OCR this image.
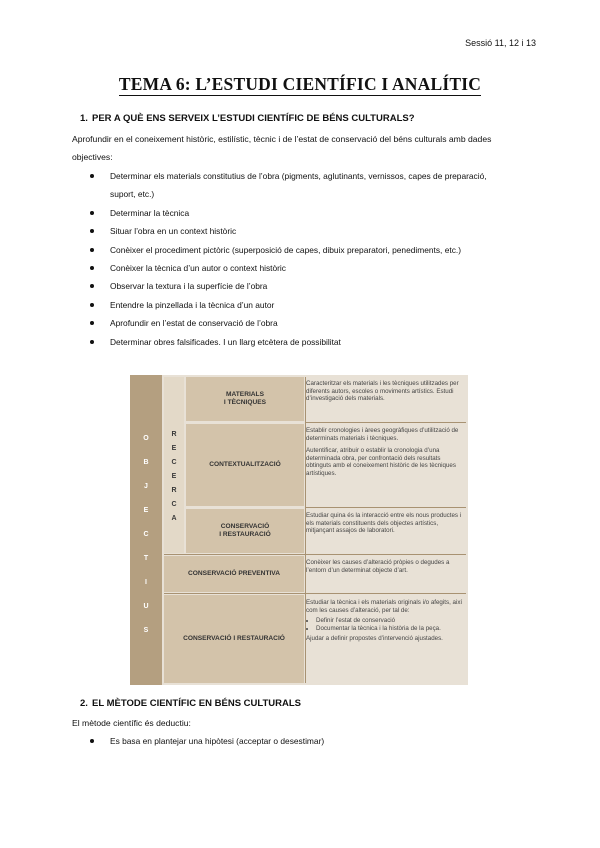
Sessió 11, 12 i 13
TEMA 6: L’ESTUDI CIENTÍFIC I ANALÍTIC
1. PER A QUÈ ENS SERVEIX L’ESTUDI CIENTÍFIC DE BÉNS CULTURALS?
Aprofundir en el coneixement històric, estilístic, tècnic i de l’estat de conservació del béns culturals amb dades
objectives:
Determinar els materials constitutius de l’obra (pigments, aglutinants, vernissos, capes de preparació,
suport, etc.)
Determinar la tècnica
Situar l’obra en un context històric
Conèixer el procediment pictòric (superposició de capes, dibuix preparatori, penediments, etc.)
Conèixer la tècnica d’un autor o context històric
Observar la textura i la superfície de l’obra
Entendre la pinzellada i la tècnica d’un autor
Aprofundir en l’estat de conservació de l’obra
Determinar obres falsificades. I un llarg etcètera de possibilitat
O
B
J
E
C
T
I
U
S
R
E
C
E
R
C
A
MATERIALS
I TÈCNIQUES
CONTEXTUALITZACIÓ
CONSERVACIÓ
I RESTAURACIÓ
CONSERVACIÓ PREVENTIVA
CONSERVACIÓ I RESTAURACIÓ

Caracteritzar els materials i les tècniques utilitzades per diferents autors, escoles o moviments artístics. Estudi d’investigació dels materials.

Establir cronologies i àrees geogràfiques d’utilització de determinats materials i tècniques.

Autentificar, atribuir o establir la cronologia d’una determinada obra, per confrontació dels resultats obtinguts amb el coneixement històric de les tècniques artístiques.

Estudiar quina és la interacció entre els nous productes i els materials constituents dels objectes artístics, mitjançant assajos de laboratori.

Conèixer les causes d’alteració pròpies o degudes a l’entorn d’un determinat objecte d’art.

Estudiar la tècnica i els materials originals i/o afegits, així com les causes d’alteració, per tal de:

• Definir l’estat de conservació
• Documentar la tècnica i la història de la peça.

Ajudar a definir propostes d’intervenció ajustades.

2. EL MÈTODE CIENTÍFIC EN BÉNS CULTURALS
El mètode científic és deductiu:
Es basa en plantejar una hipòtesi (acceptar o desestimar)
